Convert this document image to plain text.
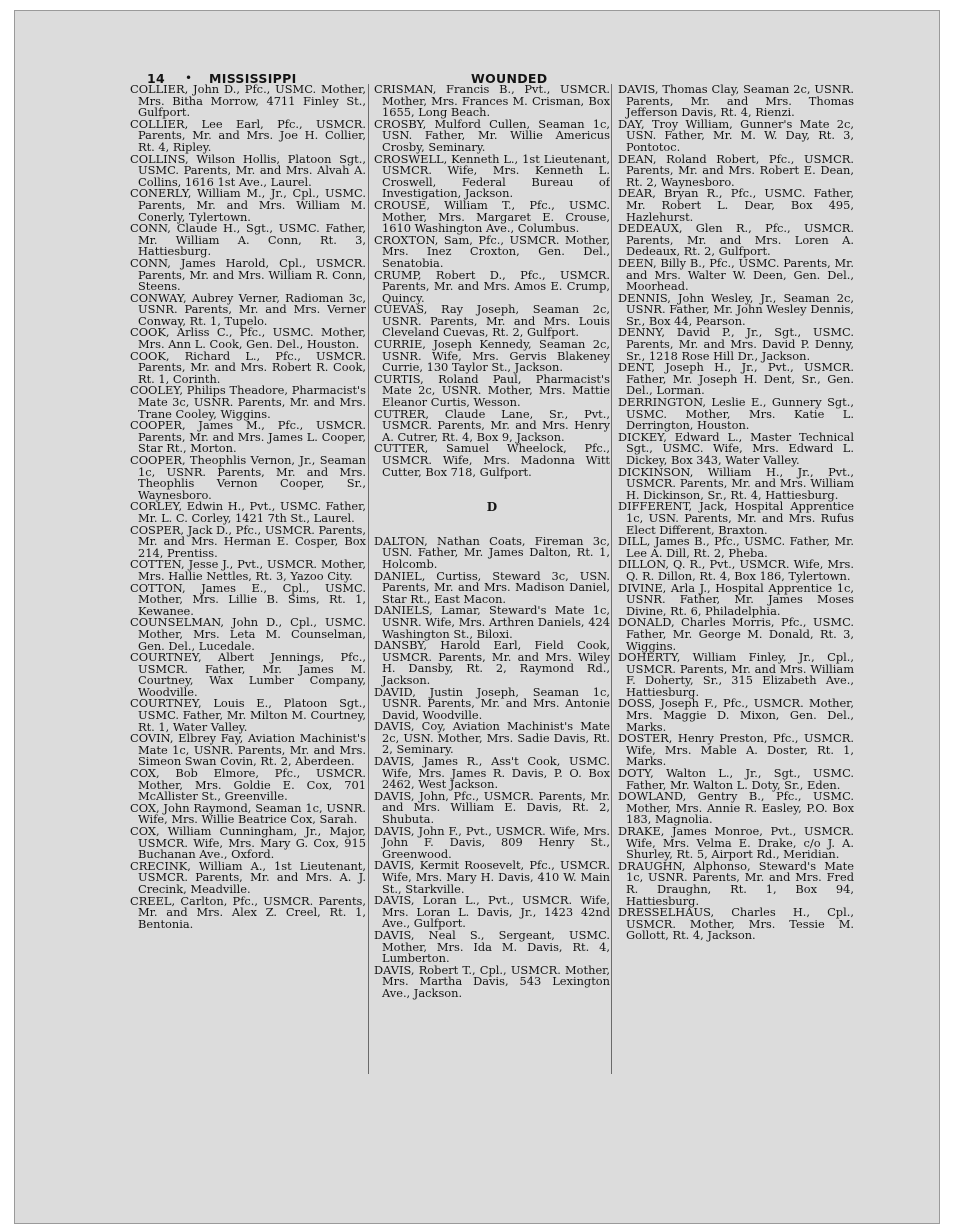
14 • MISSISSIPPI	WOUNDED

COLLIER, John D., Pfc., USMC. Mother, Mrs. Bitha Morrow, 4711 Finley St., Gulfport.

COLLIER, Lee Earl, Pfc., USMCR. Parents, Mr. and Mrs. Joe H. Collier, Rt. 4, Ripley.

COLLINS, Wilson Hollis, Platoon Sgt., USMC. Parents, Mr. and Mrs. Alvah A. Collins, 1616 1st Ave., Laurel.

CONERLY, William M., Jr., Cpl., USMC. Parents, Mr. and Mrs. William M. Conerly, Tylertown.

CONN, Claude H., Sgt., USMC. Father, Mr. William A. Conn, Rt. 3, Hattiesburg.

CONN, James Harold, Cpl., USMCR. Parents, Mr. and Mrs. William R. Conn, Steens.

CONWAY, Aubrey Verner, Radioman 3c, USNR. Parents, Mr. and Mrs. Verner Conway, Rt. 1, Tupelo.

COOK, Arliss C., Pfc., USMC. Mother, Mrs. Ann L. Cook, Gen. Del., Houston.

COOK, Richard L., Pfc., USMCR. Parents, Mr. and Mrs. Robert R. Cook, Rt. 1, Corinth.

COOLEY, Philips Theadore, Pharmacist's Mate 3c, USNR. Parents, Mr. and Mrs. Trane Cooley, Wiggins.

COOPER, James M., Pfc., USMCR. Parents, Mr. and Mrs. James L. Cooper, Star Rt., Morton.

COOPER, Theophlis Vernon, Jr., Seaman 1c, USNR. Parents, Mr. and Mrs. Theophlis Vernon Cooper, Sr., Waynesboro.

CORLEY, Edwin H., Pvt., USMC. Father, Mr. L. C. Corley, 1421 7th St., Laurel.

COSPER, Jack D., Pfc., USMCR. Parents, Mr. and Mrs. Herman E. Cosper, Box 214, Prentiss.

COTTEN, Jesse J., Pvt., USMCR. Mother, Mrs. Hallie Nettles, Rt. 3, Yazoo City.

COTTON, James E., Cpl., USMC. Mother, Mrs. Lillie B. Sims, Rt. 1, Kewanee.

COUNSELMAN, John D., Cpl., USMC. Mother, Mrs. Leta M. Counselman, Gen. Del., Lucedale.

COURTNEY, Albert Jennings, Pfc., USMCR. Father, Mr. James M. Courtney, Wax Lumber Company, Woodville.

COURTNEY, Louis E., Platoon Sgt., USMC. Father, Mr. Milton M. Courtney, Rt. 1, Water Valley.

COVIN, Elbrey Fay, Aviation Machinist's Mate 1c, USNR. Parents, Mr. and Mrs. Simeon Swan Covin, Rt. 2, Aberdeen.

COX, Bob Elmore, Pfc., USMCR. Mother, Mrs. Goldie E. Cox, 701 McAllister St., Greenville.

COX, John Raymond, Seaman 1c, USNR. Wife, Mrs. Willie Beatrice Cox, Sarah.

COX, William Cunningham, Jr., Major, USMCR. Wife, Mrs. Mary G. Cox, 915 Buchanan Ave., Oxford.

CRECINK, William A., 1st Lieutenant, USMCR. Parents, Mr. and Mrs. A. J. Crecink, Meadville.

CREEL, Carlton, Pfc., USMCR. Parents, Mr. and Mrs. Alex Z. Creel, Rt. 1, Bentonia.

CRISMAN, Francis B., Pvt., USMCR. Mother, Mrs. Frances M. Crisman, Box 1655, Long Beach.

CROSBY, Mulford Cullen, Seaman 1c, USN. Father, Mr. Willie Americus Crosby, Seminary.

CROSWELL, Kenneth L., 1st Lieutenant, USMCR. Wife, Mrs. Kenneth L. Croswell, Federal Bureau of Investigation, Jackson.

CROUSE, William T., Pfc., USMC. Mother, Mrs. Margaret E. Crouse, 1610 Washington Ave., Columbus.

CROXTON, Sam, Pfc., USMCR. Mother, Mrs. Inez Croxton, Gen. Del., Senatobia.

CRUMP, Robert D., Pfc., USMCR. Parents, Mr. and Mrs. Amos E. Crump, Quincy.

CUEVAS, Ray Joseph, Seaman 2c, USNR. Parents, Mr. and Mrs. Louis Cleveland Cuevas, Rt. 2, Gulfport.

CURRIE, Joseph Kennedy, Seaman 2c, USNR. Wife, Mrs. Gervis Blakeney Currie, 130 Taylor St., Jackson.

CURTIS, Roland Paul, Pharmacist's Mate 2c, USNR. Mother, Mrs. Mattie Eleanor Curtis, Wesson.

CUTRER, Claude Lane, Sr., Pvt., USMCR. Parents, Mr. and Mrs. Henry A. Cutrer, Rt. 4, Box 9, Jackson.

CUTTER, Samuel Wheelock, Pfc., USMCR. Wife, Mrs. Madonna Witt Cutter, Box 718, Gulfport.

D

DALTON, Nathan Coats, Fireman 3c, USN. Father, Mr. James Dalton, Rt. 1, Holcomb.

DANIEL, Curtiss, Steward 3c, USN. Parents, Mr. and Mrs. Madison Daniel, Star Rt., East Macon.

DANIELS, Lamar, Steward's Mate 1c, USNR. Wife, Mrs. Arthren Daniels, 424 Washington St., Biloxi.

DANSBY, Harold Earl, Field Cook, USMCR. Parents, Mr. and Mrs. Wiley H. Dansby, Rt. 2, Raymond Rd., Jackson.

DAVID, Justin Joseph, Seaman 1c, USNR. Parents, Mr. and Mrs. Antonie David, Woodville.

DAVIS, Coy, Aviation Machinist's Mate 2c, USN. Mother, Mrs. Sadie Davis, Rt. 2, Seminary.

DAVIS, James R., Ass't Cook, USMC. Wife, Mrs. James R. Davis, P. O. Box 2462, West Jackson.

DAVIS, John, Pfc., USMCR. Parents, Mr. and Mrs. William E. Davis, Rt. 2, Shubuta.

DAVIS, John F., Pvt., USMCR. Wife, Mrs. John F. Davis, 809 Henry St., Greenwood.

DAVIS, Kermit Roosevelt, Pfc., USMCR. Wife, Mrs. Mary H. Davis, 410 W. Main St., Starkville.

DAVIS, Loran L., Pvt., USMCR. Wife, Mrs. Loran L. Davis, Jr., 1423 42nd Ave., Gulfport.

DAVIS, Neal S., Sergeant, USMC. Mother, Mrs. Ida M. Davis, Rt. 4, Lumberton.

DAVIS, Robert T., Cpl., USMCR. Mother, Mrs. Martha Davis, 543 Lexington Ave., Jackson.

DAVIS, Thomas Clay, Seaman 2c, USNR. Parents, Mr. and Mrs. Thomas Jefferson Davis, Rt. 4, Rienzi.

DAY, Troy William, Gunner's Mate 2c, USN. Father, Mr. M. W. Day, Rt. 3, Pontotoc.

DEAN, Roland Robert, Pfc., USMCR. Parents, Mr. and Mrs. Robert E. Dean, Rt. 2, Waynesboro.

DEAR, Bryan R., Pfc., USMC. Father, Mr. Robert L. Dear, Box 495, Hazlehurst.

DEDEAUX, Glen R., Pfc., USMCR. Parents, Mr. and Mrs. Loren A. Dedeaux, Rt. 2, Gulfport.

DEEN, Billy B., Pfc., USMC. Parents, Mr. and Mrs. Walter W. Deen, Gen. Del., Moorhead.

DENNIS, John Wesley, Jr., Seaman 2c, USNR. Father, Mr. John Wesley Dennis, Sr., Box 44, Pearson.

DENNY, David P., Jr., Sgt., USMC. Parents, Mr. and Mrs. David P. Denny, Sr., 1218 Rose Hill Dr., Jackson.

DENT, Joseph H., Jr., Pvt., USMCR. Father, Mr. Joseph H. Dent, Sr., Gen. Del., Lorman.

DERRINGTON, Leslie E., Gunnery Sgt., USMC. Mother, Mrs. Katie L. Derrington, Houston.

DICKEY, Edward L., Master Technical Sgt., USMC. Wife, Mrs. Edward L. Dickey, Box 343, Water Valley.

DICKINSON, William H., Jr., Pvt., USMCR. Parents, Mr. and Mrs. William H. Dickinson, Sr., Rt. 4, Hattiesburg.

DIFFERENT, Jack, Hospital Apprentice 1c, USN. Parents, Mr. and Mrs. Rufus Elect Different, Braxton.

DILL, James B., Pfc., USMC. Father, Mr. Lee A. Dill, Rt. 2, Pheba.

DILLON, Q. R., Pvt., USMCR. Wife, Mrs. Q. R. Dillon, Rt. 4, Box 186, Tylertown.

DIVINE, Arla J., Hospital Apprentice 1c, USNR. Father, Mr. James Moses Divine, Rt. 6, Philadelphia.

DONALD, Charles Morris, Pfc., USMC. Father, Mr. George M. Donald, Rt. 3, Wiggins.

DOHERTY, William Finley, Jr., Cpl., USMCR. Parents, Mr. and Mrs. William F. Doherty, Sr., 315 Elizabeth Ave., Hattiesburg.

DOSS, Joseph F., Pfc., USMCR. Mother, Mrs. Maggie D. Mixon, Gen. Del., Marks.

DOSTER, Henry Preston, Pfc., USMCR. Wife, Mrs. Mable A. Doster, Rt. 1, Marks.

DOTY, Walton L., Jr., Sgt., USMC. Father, Mr. Walton L. Doty, Sr., Eden.

DOWLAND, Gentry B., Pfc., USMC. Mother, Mrs. Annie R. Easley, P.O. Box 183, Magnolia.

DRAKE, James Monroe, Pvt., USMCR. Wife, Mrs. Velma E. Drake, c/o J. A. Shurley, Rt. 5, Airport Rd., Meridian.

DRAUGHN, Alphonso, Steward's Mate 1c, USNR. Parents, Mr. and Mrs. Fred R. Draughn, Rt. 1, Box 94, Hattiesburg.

DRESSELHAUS, Charles H., Cpl., USMCR. Mother, Mrs. Tessie M. Gollott, Rt. 4, Jackson.
